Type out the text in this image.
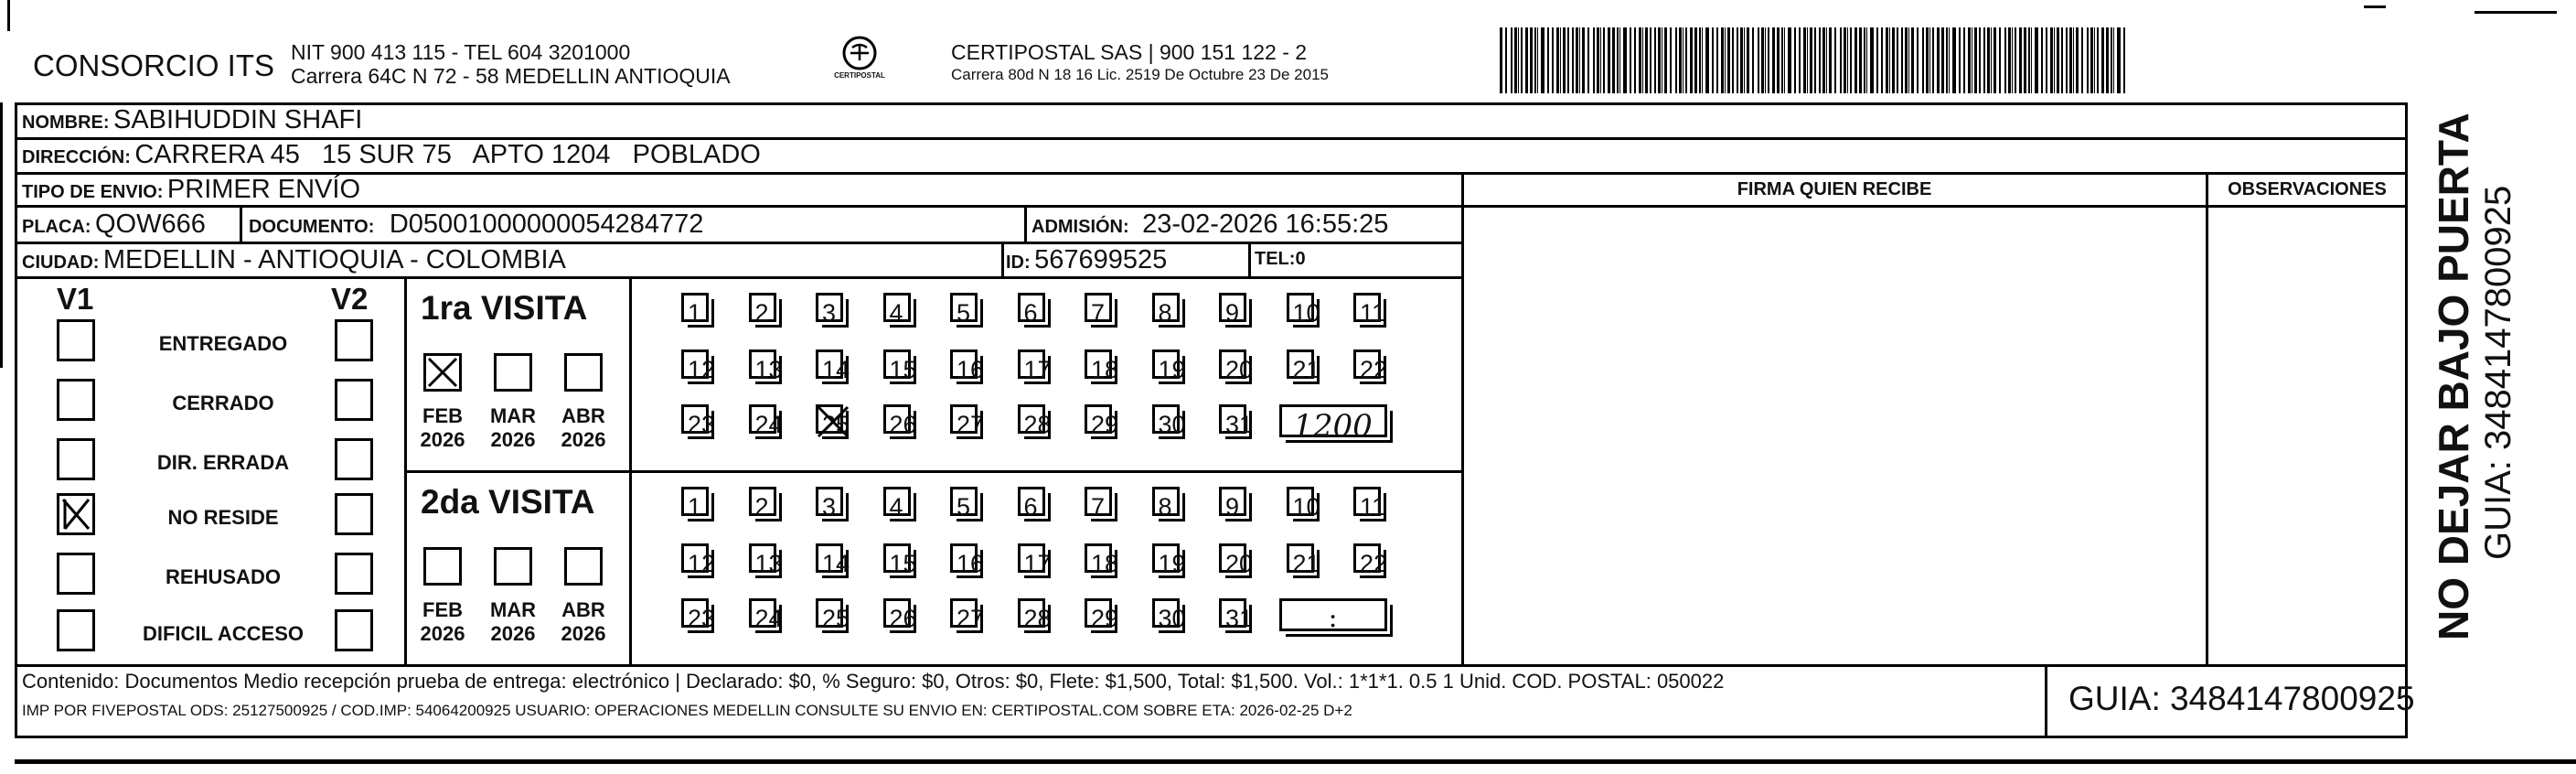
CONSORCIO ITS NIT 900 413 115 - TEL 604 3201000
Carrera 64C N 72 - 58 MEDELLIN ANTIOQUIA	CERTIPOSTAL
CERTIPOSTAL SAS | 900 151 122 - 2
Carrera 80d N 18 16 Lic. 2519 De Octubre 23 De 2015
NOMBRE: SABIHUDDIN SHAFI
DIRECCIÓN: CARRERA 45   15 SUR 75   APTO 1204   POBLADO
TIPO DE ENVIO: PRIMER ENVÍO	FIRMA QUIEN RECIBE	OBSERVACIONES
PLACA: QOW666 DOCUMENTO: D05001000000054284772	ADMISIÓN: 23-02-2026 16:55:25
CIUDAD: MEDELLIN - ANTIOQUIA - COLOMBIA	ID: 567699525	TEL:0
V1	V2
ENTREGADO
CERRADO
DIR. ERRADA
NO RESIDE
REHUSADO
DIFICIL ACCESO
1ra VISITA
FEB
2026
MAR
2026
ABR
2026
1 2 3 4 5 6 7 8 9 10 11
12 13 14 15 16 17 18 19 20 21 22
23 24 25 26 27 28 29 30 31	1200
2da VISITA
FEB
2026
MAR
2026
ABR
2026
1 2 3 4 5 6 7 8 9 10 11
12 13 14 15 16 17 18 19 20 21 22
23 24 25 26 27 28 29 30 31	:
Contenido: Documentos Medio recepción prueba de entrega: electrónico | Declarado: $0, % Seguro: $0, Otros: $0, Flete: $1,500, Total: $1,500. Vol.: 1*1*1. 0.5 1 Unid. COD. POSTAL: 050022
IMP POR FIVEPOSTAL ODS: 25127500925 / COD.IMP: 54064200925 USUARIO: OPERACIONES MEDELLIN CONSULTE SU ENVIO EN: CERTIPOSTAL.COM SOBRE ETA: 2026-02-25 D+2	GUIA: 3484147800925
NO DEJAR BAJO PUERTA GUIA: 3484147800925
